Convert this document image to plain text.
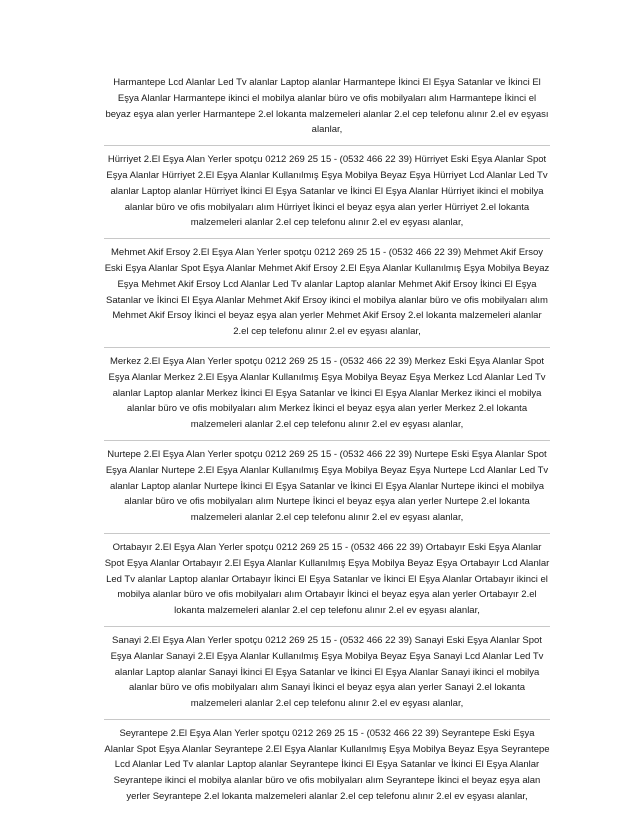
Harmantepe Lcd Alanlar Led Tv alanlar Laptop alanlar Harmantepe İkinci El Eşya Satanlar ve İkinci El Eşya Alanlar Harmantepe ikinci el mobilya alanlar büro ve ofis mobilyaları alım Harmantepe İkinci el beyaz eşya alan yerler Harmantepe 2.el lokanta malzemeleri alanlar 2.el cep telefonu alınır 2.el ev eşyası alanlar,

Hürriyet 2.El Eşya Alan Yerler spotçu 0212 269 25 15 - (0532 466 22 39) Hürriyet Eski Eşya Alanlar Spot Eşya Alanlar Hürriyet 2.El Eşya Alanlar Kullanılmış Eşya Mobilya Beyaz Eşya Hürriyet Lcd Alanlar Led Tv alanlar Laptop alanlar Hürriyet İkinci El Eşya Satanlar ve İkinci El Eşya Alanlar Hürriyet ikinci el mobilya alanlar büro ve ofis mobilyaları alım Hürriyet İkinci el beyaz eşya alan yerler Hürriyet 2.el lokanta malzemeleri alanlar 2.el cep telefonu alınır 2.el ev eşyası alanlar,

Mehmet Akif Ersoy 2.El Eşya Alan Yerler spotçu 0212 269 25 15 - (0532 466 22 39) Mehmet Akif Ersoy Eski Eşya Alanlar Spot Eşya Alanlar Mehmet Akif Ersoy 2.El Eşya Alanlar Kullanılmış Eşya Mobilya Beyaz Eşya Mehmet Akif Ersoy Lcd Alanlar Led Tv alanlar Laptop alanlar Mehmet Akif Ersoy İkinci El Eşya Satanlar ve İkinci El Eşya Alanlar Mehmet Akif Ersoy ikinci el mobilya alanlar büro ve ofis mobilyaları alım Mehmet Akif Ersoy İkinci el beyaz eşya alan yerler Mehmet Akif Ersoy 2.el lokanta malzemeleri alanlar 2.el cep telefonu alınır 2.el ev eşyası alanlar,

Merkez 2.El Eşya Alan Yerler spotçu 0212 269 25 15 - (0532 466 22 39) Merkez Eski Eşya Alanlar Spot Eşya Alanlar Merkez 2.El Eşya Alanlar Kullanılmış Eşya Mobilya Beyaz Eşya Merkez Lcd Alanlar Led Tv alanlar Laptop alanlar Merkez İkinci El Eşya Satanlar ve İkinci El Eşya Alanlar Merkez ikinci el mobilya alanlar büro ve ofis mobilyaları alım Merkez İkinci el beyaz eşya alan yerler Merkez 2.el lokanta malzemeleri alanlar 2.el cep telefonu alınır 2.el ev eşyası alanlar,

Nurtepe 2.El Eşya Alan Yerler spotçu 0212 269 25 15 - (0532 466 22 39) Nurtepe Eski Eşya Alanlar Spot Eşya Alanlar Nurtepe 2.El Eşya Alanlar Kullanılmış Eşya Mobilya Beyaz Eşya Nurtepe Lcd Alanlar Led Tv alanlar Laptop alanlar Nurtepe İkinci El Eşya Satanlar ve İkinci El Eşya Alanlar Nurtepe ikinci el mobilya alanlar büro ve ofis mobilyaları alım Nurtepe İkinci el beyaz eşya alan yerler Nurtepe 2.el lokanta malzemeleri alanlar 2.el cep telefonu alınır 2.el ev eşyası alanlar,

Ortabayır 2.El Eşya Alan Yerler spotçu 0212 269 25 15 - (0532 466 22 39) Ortabayır Eski Eşya Alanlar Spot Eşya Alanlar Ortabayır 2.El Eşya Alanlar Kullanılmış Eşya Mobilya Beyaz Eşya Ortabayır Lcd Alanlar Led Tv alanlar Laptop alanlar Ortabayır İkinci El Eşya Satanlar ve İkinci El Eşya Alanlar Ortabayır ikinci el mobilya alanlar büro ve ofis mobilyaları alım Ortabayır İkinci el beyaz eşya alan yerler Ortabayır 2.el lokanta malzemeleri alanlar 2.el cep telefonu alınır 2.el ev eşyası alanlar,

Sanayi 2.El Eşya Alan Yerler spotçu 0212 269 25 15 - (0532 466 22 39) Sanayi Eski Eşya Alanlar Spot Eşya Alanlar Sanayi 2.El Eşya Alanlar Kullanılmış Eşya Mobilya Beyaz Eşya Sanayi Lcd Alanlar Led Tv alanlar Laptop alanlar Sanayi İkinci El Eşya Satanlar ve İkinci El Eşya Alanlar Sanayi ikinci el mobilya alanlar büro ve ofis mobilyaları alım Sanayi İkinci el beyaz eşya alan yerler Sanayi 2.el lokanta malzemeleri alanlar 2.el cep telefonu alınır 2.el ev eşyası alanlar,

Seyrantepe 2.El Eşya Alan Yerler spotçu 0212 269 25 15 - (0532 466 22 39) Seyrantepe Eski Eşya Alanlar Spot Eşya Alanlar Seyrantepe 2.El Eşya Alanlar Kullanılmış Eşya Mobilya Beyaz Eşya Seyrantepe Lcd Alanlar Led Tv alanlar Laptop alanlar Seyrantepe İkinci El Eşya Satanlar ve İkinci El Eşya Alanlar Seyrantepe ikinci el mobilya alanlar büro ve ofis mobilyaları alım Seyrantepe İkinci el beyaz eşya alan yerler Seyrantepe 2.el lokanta malzemeleri alanlar 2.el cep telefonu alınır 2.el ev eşyası alanlar,
